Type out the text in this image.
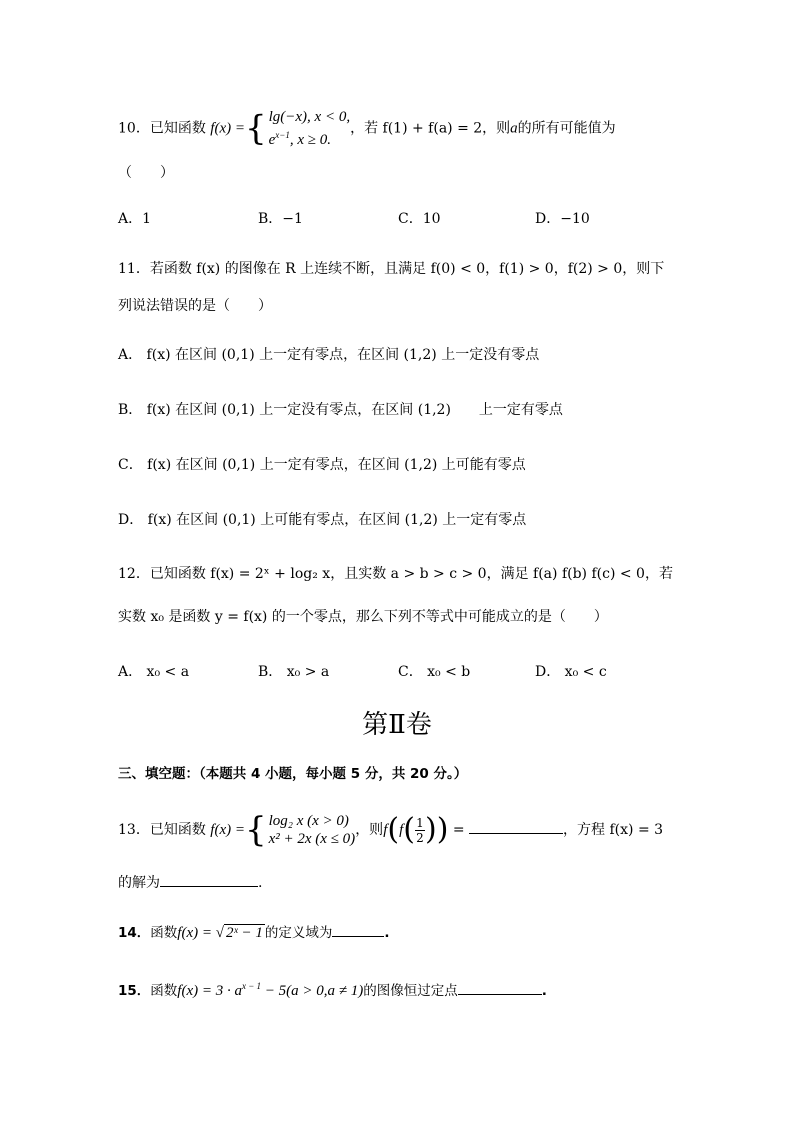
10．已知函数 f(x) ={ lg(−x), x < 0,
$e^{x-1}$, x ≥ 0.
，若 f(1) + f(a) = 2，则a的所有可能值为
（　　）
A．1	B．−1	C．10	D．−10
11．若函数 f(x) 的图像在 R 上连续不断，且满足 f(0) < 0，f(1) > 0，f(2) > 0，则下
列说法错误的是（　　）
A． f(x) 在区间 (0,1) 上一定有零点，在区间 (1,2) 上一定没有零点
B． f(x) 在区间 (0,1) 上一定没有零点，在区间 (1,2)　　上一定有零点
C． f(x) 在区间 (0,1) 上一定有零点，在区间 (1,2) 上可能有零点
D． f(x) 在区间 (0,1) 上可能有零点，在区间 (1,2) 上一定有零点
12．已知函数 f(x) = 2ˣ + log₂ x，且实数 a > b > c > 0，满足 f(a) f(b) f(c) < 0，若
实数 x₀ 是函数 y = f(x) 的一个零点，那么下列不等式中可能成立的是（　　）
A． x₀ < a	B． x₀ > a	C． x₀ < b	D． x₀ < c
第Ⅱ卷
三、填空题：（本题共 4 小题，每小题 5 分，共 20 分。）
13．已知函数 f(x) ={ log₂ x (x > 0)
x² + 2x (x ≤ 0)
，则$f(f( \frac{1}{2}$ )) =	，方程 f(x) = 3
的解为	.
14．函数f(x) = √ 2ˣ − 1 的定义域为	.
15．函数$f(x) = 3 \cdot a^{x - 1} - 5(a > 0,a \ne 1)$的图像恒过定点	.
